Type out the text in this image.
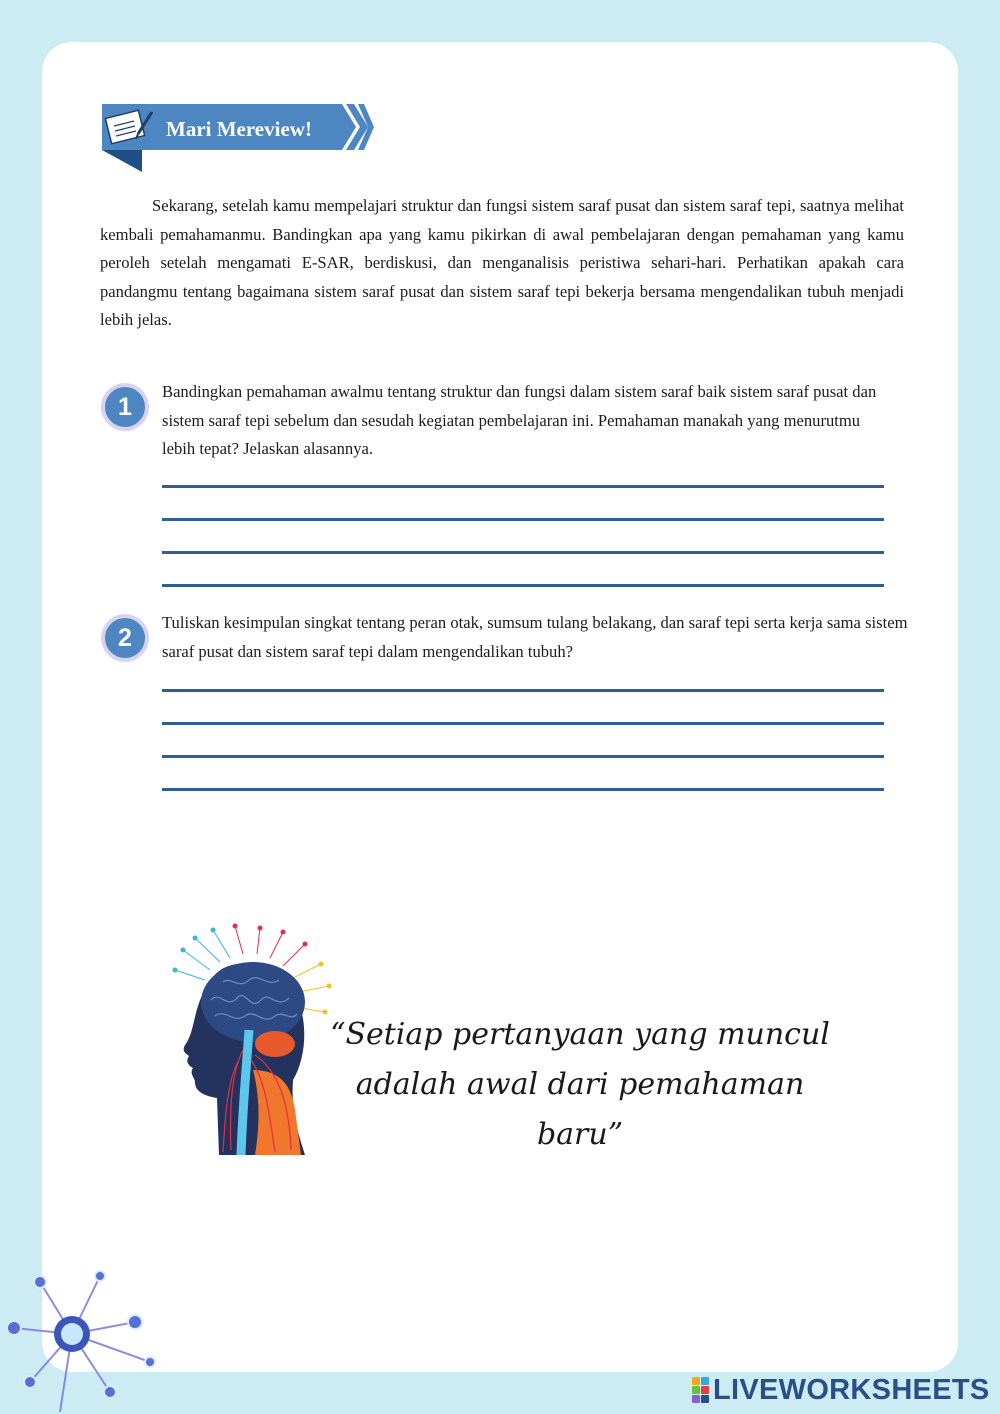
Mari Mereview!

Sekarang, setelah kamu mempelajari struktur dan fungsi sistem saraf pusat dan sistem saraf tepi, saatnya melihat kembali pemahamanmu. Bandingkan apa yang kamu pikirkan di awal pembelajaran dengan pemahaman yang kamu peroleh setelah mengamati E-SAR, berdiskusi, dan menganalisis peristiwa sehari-hari. Perhatikan apakah cara pandangmu tentang bagaimana sistem saraf pusat dan sistem saraf tepi bekerja bersama mengendalikan tubuh menjadi lebih jelas.

1

Bandingkan pemahaman awalmu tentang struktur dan fungsi dalam sistem saraf baik sistem saraf pusat dan sistem saraf tepi sebelum dan sesudah kegiatan pembelajaran ini. Pemahaman manakah yang menurutmu lebih tepat? Jelaskan alasannya.

2

Tuliskan kesimpulan singkat tentang peran otak, sumsum tulang belakang, dan saraf tepi serta kerja sama sistem saraf pusat dan sistem saraf tepi dalam mengendalikan tubuh?

“Setiap pertanyaan yang muncul
adalah awal dari pemahaman baru”
LIVEWORKSHEETS
